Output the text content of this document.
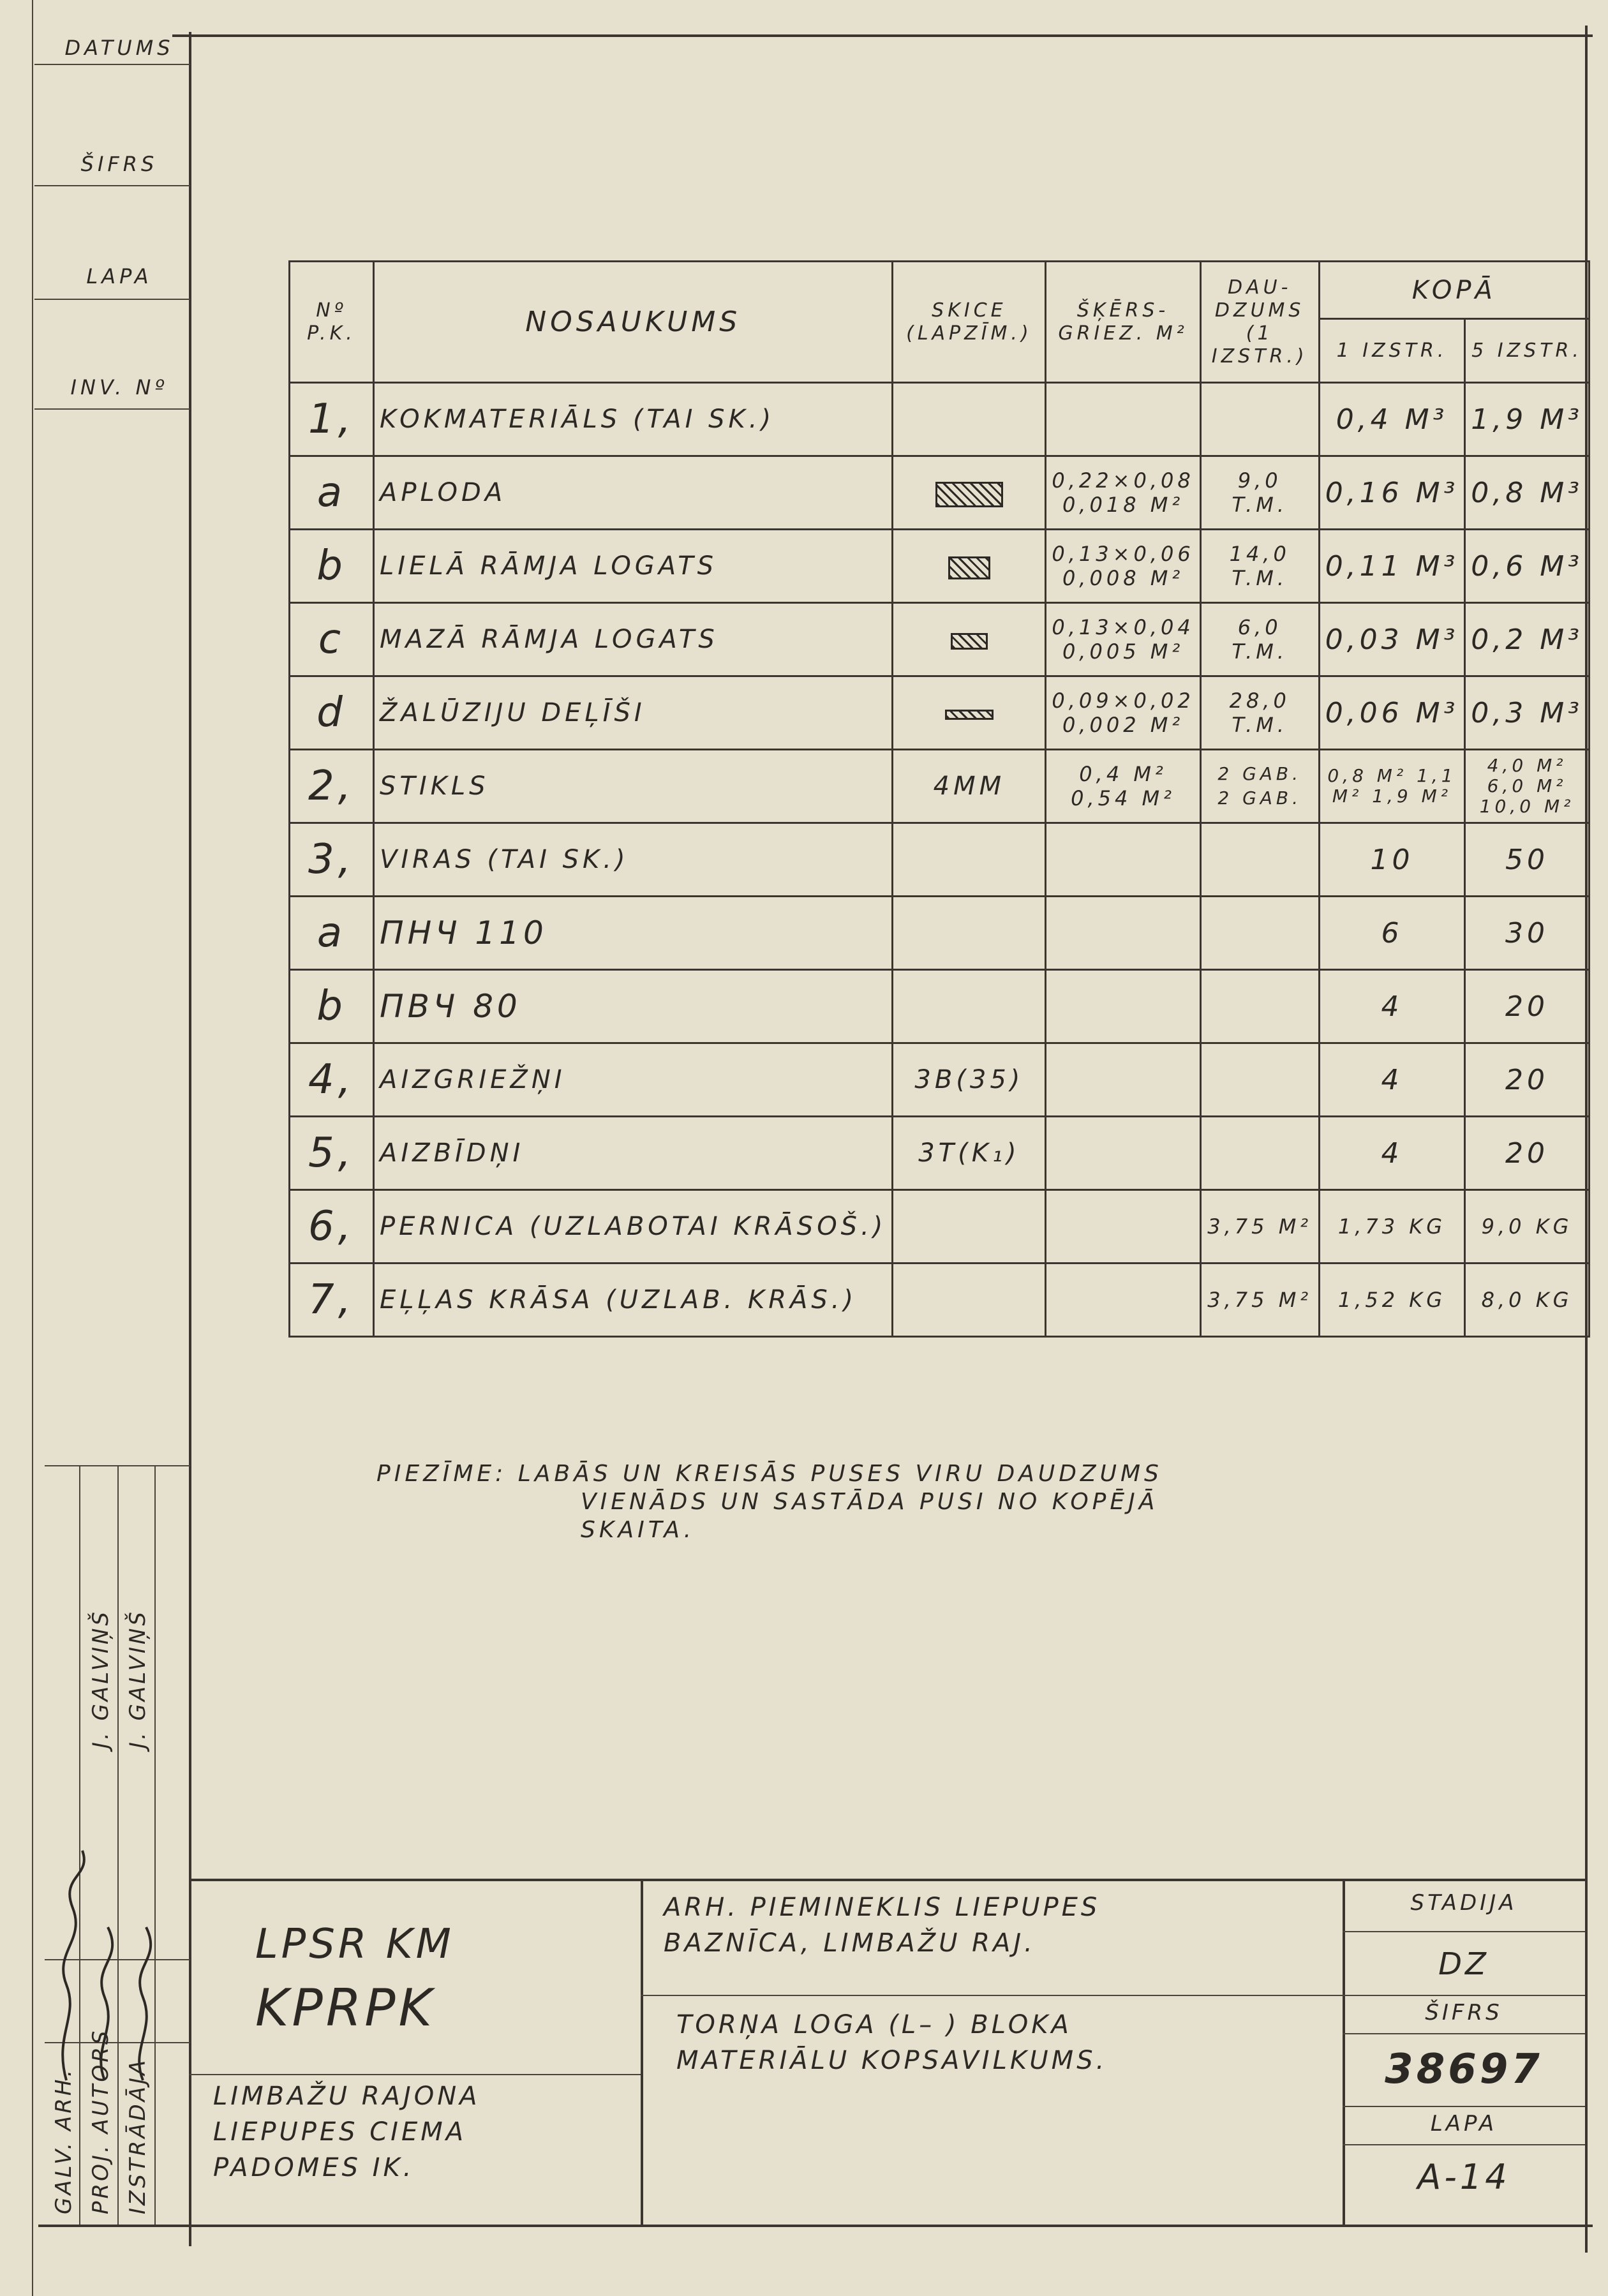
DATUMS
ŠIFRS
LAPA
INV. Nº
Nº P.K.	NOSAUKUMS	SKICE (LAPZĪM.)	ŠĶĒRS-GRIEZ. M²	DAU-DZUMS (1 IZSTR.)	KOPĀ	
					1 IZSTR.	5 IZSTR.
1,	KOKMATERIĀLS (TAI SK.)				0,4 M³	1,9 M³
a	APLODA		0,22×0,08 0,018 M²	9,0 T.M.	0,16 M³	0,8 M³
b	LIELĀ RĀMJA LOGATS		0,13×0,06 0,008 M²	14,0 T.M.	0,11 M³	0,6 M³
c	MAZĀ RĀMJA LOGATS		0,13×0,04 0,005 M²	6,0 T.M.	0,03 M³	0,2 M³
d	ŽALŪZIJU DEĻĪŠI		0,09×0,02 0,002 M²	28,0 T.M.	0,06 M³	0,3 M³
2,	STIKLS	4MM	0,4 M² 0,54 M²	2 GAB. 2 GAB.	0,8 M² 1,1 M² 1,9 M²	4,0 M² 6,0 M² 10,0 M²
3,	VIRAS (TAI SK.)				10	50
a	ПНЧ 110				6	30
b	ПВЧ 80				4	20
4,	AIZGRIEŽŅI	3B(35)			4	20
5,	AIZBĪDŅI	3T(K₁)			4	20
6,	PERNICA (UZLABOTAI KRĀSOŠ.)			3,75 M²	1,73 KG	9,0 KG
7,	EĻĻAS KRĀSA (UZLAB. KRĀS.)			3,75 M²	1,52 KG	8,0 KG
PIEZĪME: LABĀS UN KREISĀS PUSES VIRU DAUDZUMS
VIENĀDS UN SASTĀDA PUSI NO KOPĒJĀ
SKAITA.
GALV. ARH. PROJ. AUTORS IZSTRĀDĀJA
J. GALVIŅŠ J. GALVIŅŠ
LPSR KM
KPRPK
LIMBAŽU RAJONA
LIEPUPES CIEMA
PADOMES IK.
ARH. PIEMINEKLIS LIEPUPES
BAZNĪCA, LIMBAŽU RAJ.
TORŅA LOGA (L– ) BLOKA
MATERIĀLU KOPSAVILKUMS.
STADIJA
DZ
ŠIFRS
38697
LAPA
A-14
